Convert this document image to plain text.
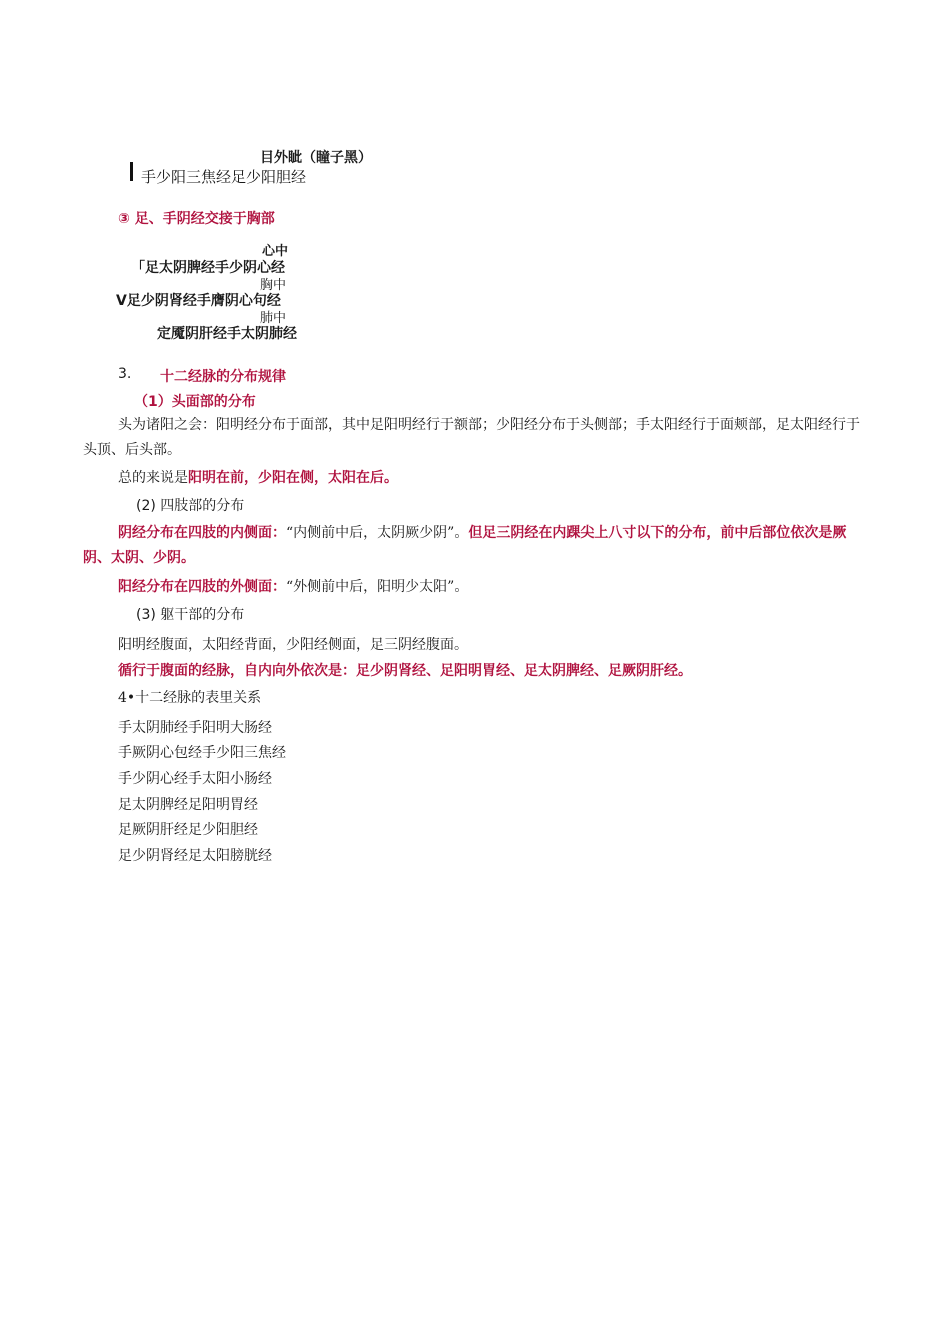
目外眦（瞳子黑）
手少阳三焦经足少阳胆经
③ 足、手阴经交接于胸部
心中
「足太阴脾经手少阴心经
胸中
V足少阴肾经手膺阴心句经
肺中
定魇阴肝经手太阴肺经
3. 十二经脉的分布规律
（1）头面部的分布
头为诸阳之会：阳明经分布于面部，其中足阳明经行于额部；少阳经分布于头侧部；手太阳经行于面颊部，足太阳经行于头顶、后头部。
总的来说是阳明在前，少阳在侧，太阳在后。
(2) 四肢部的分布
阴经分布在四肢的内侧面：“内侧前中后，太阴厥少阴”。但足三阴经在内踝尖上八寸以下的分布，前中后部位依次是厥阴、太阴、少阴。
阳经分布在四肢的外侧面：“外侧前中后，阳明少太阳”。
(3) 躯干部的分布
阳明经腹面，太阳经背面，少阳经侧面，足三阴经腹面。
循行于腹面的经脉，自内向外依次是：足少阴肾经、足阳明胃经、足太阴脾经、足厥阴肝经。
4•十二经脉的表里关系
手太阴肺经手阳明大肠经
手厥阴心包经手少阳三焦经
手少阴心经手太阳小肠经
足太阴脾经足阳明胃经
足厥阴肝经足少阳胆经
足少阴肾经足太阳膀胱经
